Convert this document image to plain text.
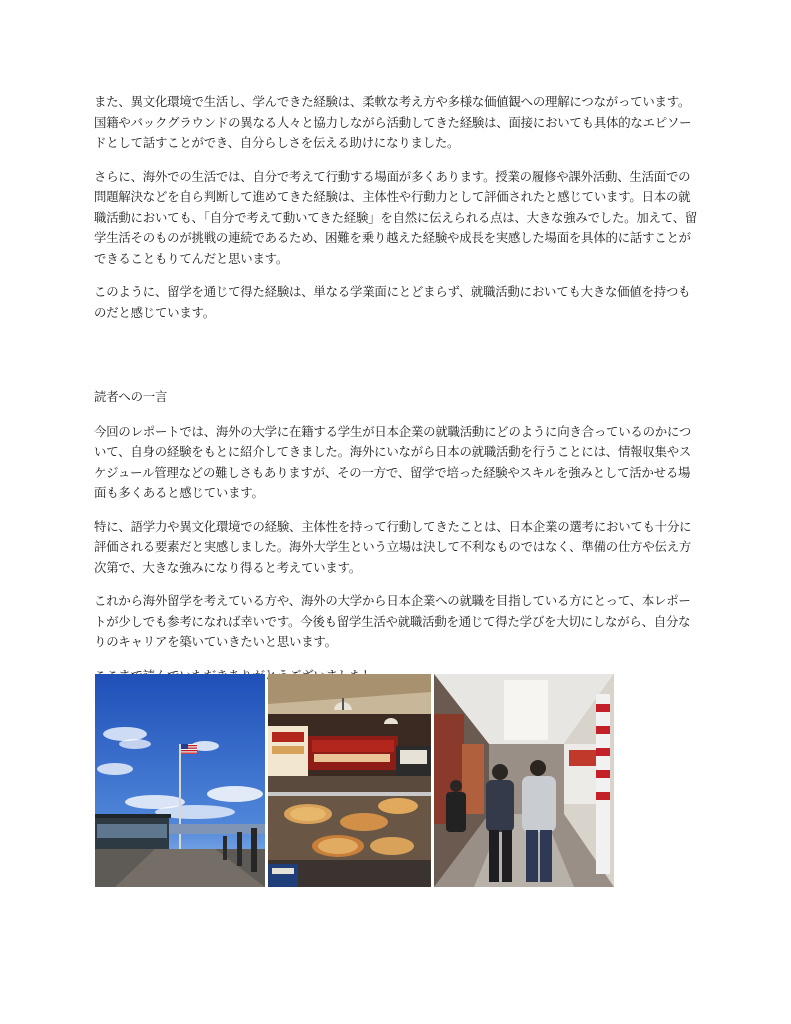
また、異文化環境で生活し、学んできた経験は、柔軟な考え方や多様な価値観への理解につながっています。国籍やバックグラウンドの異なる人々と協力しながら活動してきた経験は、面接においても具体的なエピソードとして話すことができ、自分らしさを伝える助けになりました。

さらに、海外での生活では、自分で考えて行動する場面が多くあります。授業の履修や課外活動、生活面での問題解決などを自ら判断して進めてきた経験は、主体性や行動力として評価されたと感じています。日本の就職活動においても、「自分で考えて動いてきた経験」を自然に伝えられる点は、大きな強みでした。加えて、留学生活そのものが挑戦の連続であるため、困難を乗り越えた経験や成長を実感した場面を具体的に話すことができることもりてんだと思います。

このように、留学を通じて得た経験は、単なる学業面にとどまらず、就職活動においても大きな価値を持つものだと感じています。

読者への一言

今回のレポートでは、海外の大学に在籍する学生が日本企業の就職活動にどのように向き合っているのかについて、自身の経験をもとに紹介してきました。海外にいながら日本の就職活動を行うことには、情報収集やスケジュール管理などの難しさもありますが、その一方で、留学で培った経験やスキルを強みとして活かせる場面も多くあると感じています。

特に、語学力や異文化環境での経験、主体性を持って行動してきたことは、日本企業の選考においても十分に評価される要素だと実感しました。海外大学生という立場は決して不利なものではなく、準備の仕方や伝え方次第で、大きな強みになり得ると考えています。

これから海外留学を考えている方や、海外の大学から日本企業への就職を目指している方にとって、本レポートが少しでも参考になれば幸いです。今後も留学生活や就職活動を通じて得た学びを大切にしながら、自分なりのキャリアを築いていきたいと思います。
